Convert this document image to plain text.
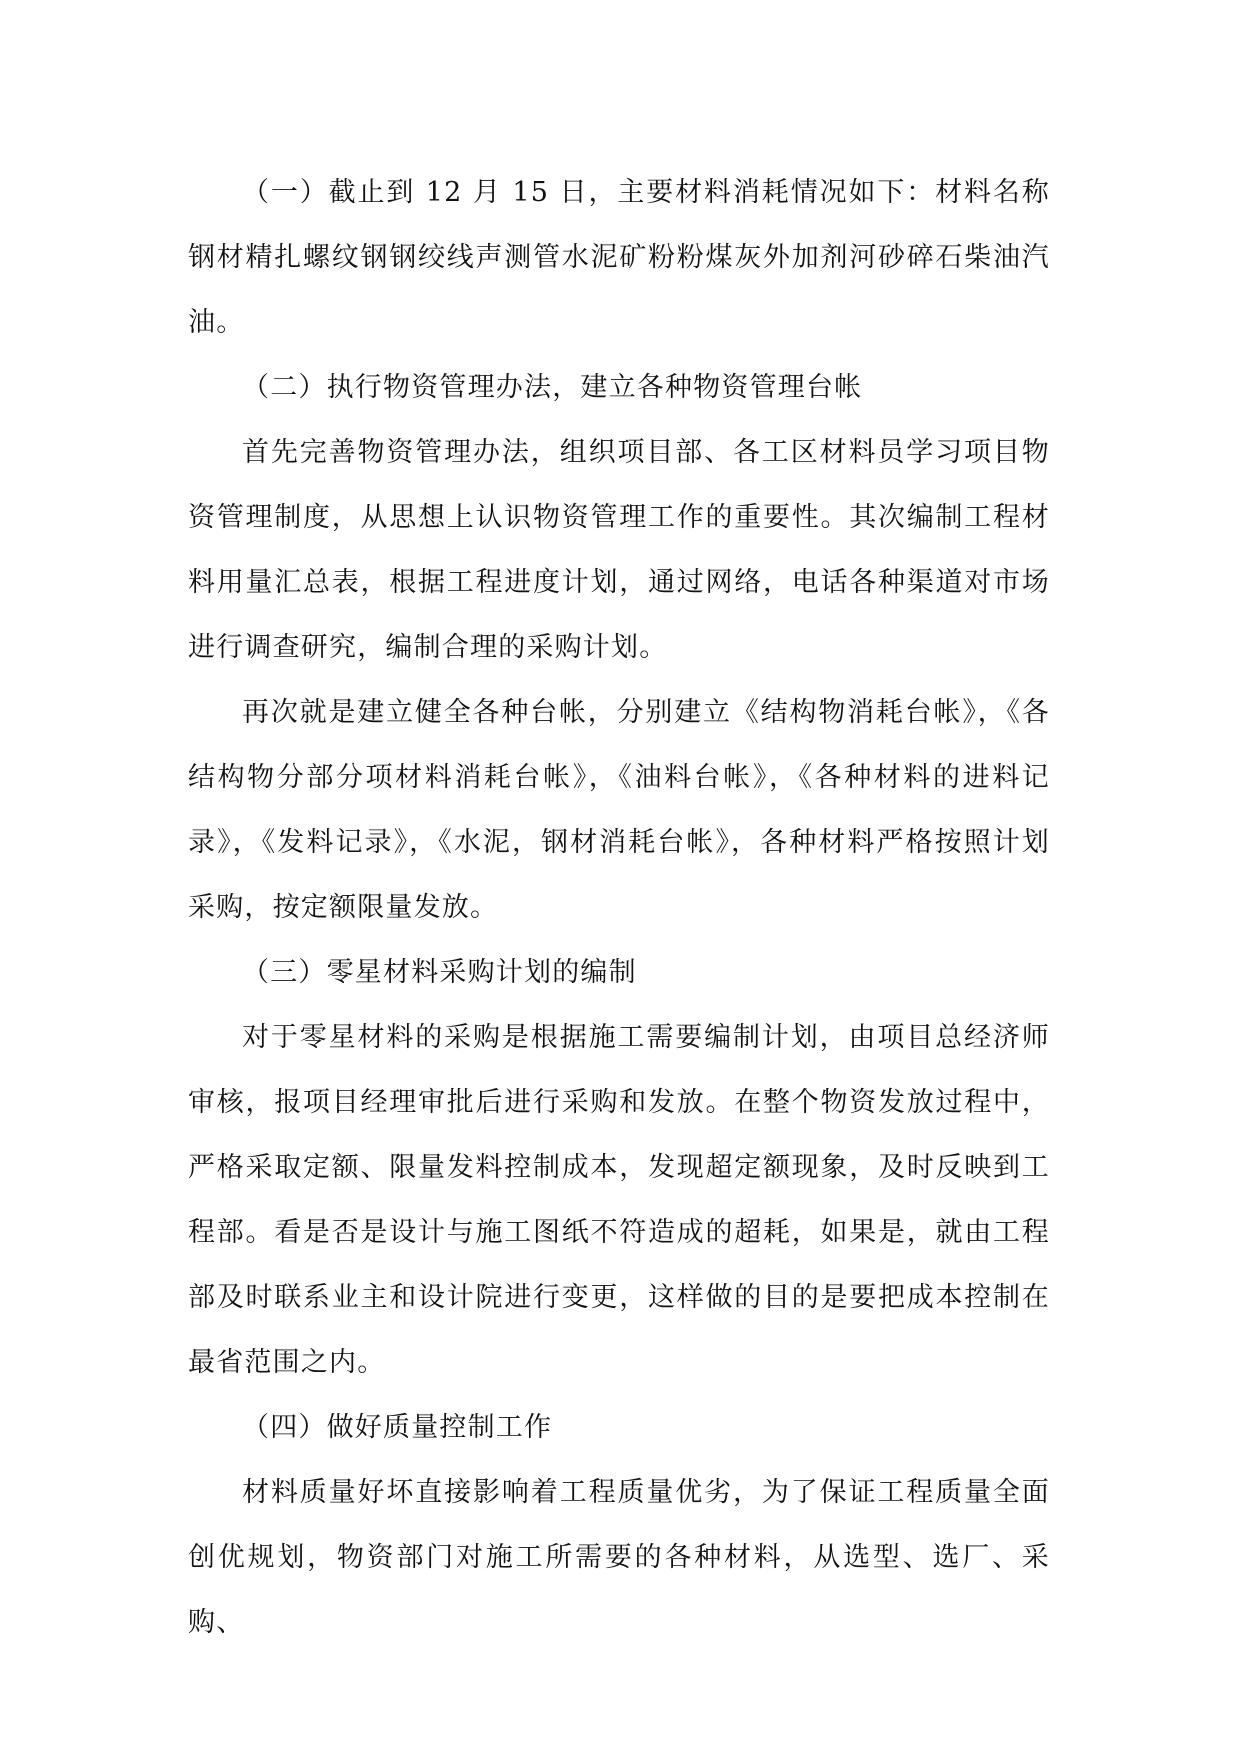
（一）截止到 12 月 15 日，主要材料消耗情况如下：材料名称钢材精扎螺纹钢钢绞线声测管水泥矿粉粉煤灰外加剂河砂碎石柴油汽油。

（二）执行物资管理办法，建立各种物资管理台帐

首先完善物资管理办法，组织项目部、各工区材料员学习项目物资管理制度，从思想上认识物资管理工作的重要性。其次编制工程材料用量汇总表，根据工程进度计划，通过网络，电话各种渠道对市场进行调查研究，编制合理的采购计划。

再次就是建立健全各种台帐，分别建立《结构物消耗台帐》，《各结构物分部分项材料消耗台帐》，《油料台帐》，《各种材料的进料记录》，《发料记录》，《水泥，钢材消耗台帐》，各种材料严格按照计划采购，按定额限量发放。

（三）零星材料采购计划的编制

对于零星材料的采购是根据施工需要编制计划，由项目总经济师审核，报项目经理审批后进行采购和发放。在整个物资发放过程中，严格采取定额、限量发料控制成本，发现超定额现象，及时反映到工程部。看是否是设计与施工图纸不符造成的超耗，如果是，就由工程部及时联系业主和设计院进行变更，这样做的目的是要把成本控制在最省范围之内。

（四）做好质量控制工作

材料质量好坏直接影响着工程质量优劣，为了保证工程质量全面创优规划，物资部门对施工所需要的各种材料，从选型、选厂、采购、
